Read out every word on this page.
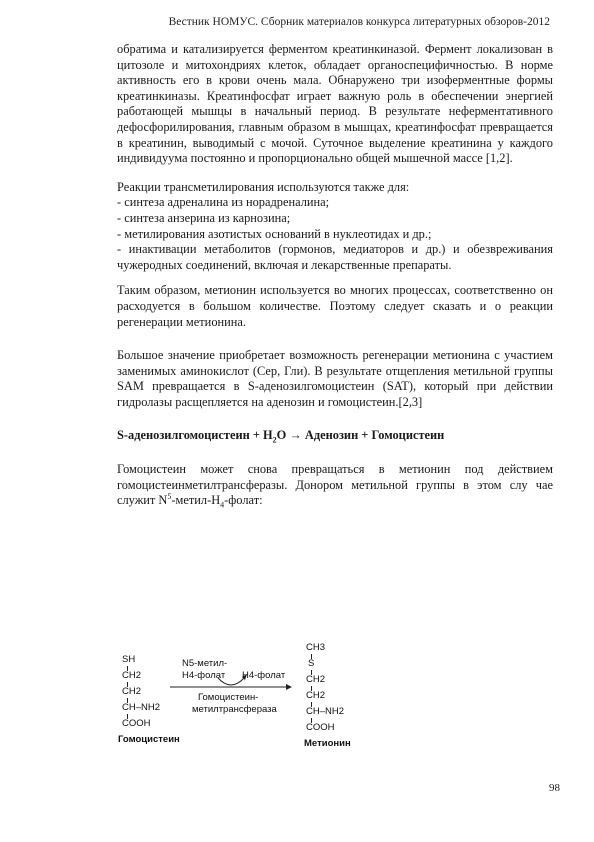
Вестник НОМУС. Сборник материалов конкурса литературных обзоров-2012

обратима и катализируется ферментом креатинкиназой. Фермент локализован в цитозоле и митохондриях клеток, обладает органоспецифичностью. В норме активность его в крови очень мала. Обнаружено три изоферментные формы креатинкиназы. Креатинфосфат играет важную роль в обеспечении энергией работающей мышцы в начальный период. В результате неферментативного дефосфорилирования, главным образом в мышцах, креатинфосфат превращается в креатинин, выводимый с мочой. Суточное выделение креатинина у каждого индивидуума постоянно и пропорционально общей мышечной массе [1,2].

Реакции трансметилирования используются также для:

- синтеза адреналина из норадреналина;

- синтеза анзерина из карнозина;

- метилирования азотистых оснований в нуклеотидах и др.;

- инактивации метаболитов (гормонов, медиаторов и др.) и обезвреживания чужеродных соединений, включая и лекарственные препараты.

Таким образом, метионин используется во многих процессах, соответственно он расходуется в большом количестве. Поэтому следует сказать и о реакции регенерации метионина.

Большое значение приобретает возможность регенерации метионина с участием заменимых аминокислот (Сер, Гли). В результате отщепления метильной группы SAM превращается в S-аденозилгомоцистеин (SAT), который при действии гидролазы расщепляется на аденозин и гомоцистеин.[2,3]

S-аденозилгомоцистеин + $H_2O$ → Аденозин + Гомоцистеин

Гомоцистеин может снова превращаться в метионин под действием гомоцистеинметилтрансферазы. Донором метильной группы в этом слу чае служит $N^5-метил-H_4$-фолат:

SH
CH2
CH2
CH–NH2
COOH
Гомоцистеин
N5-метил-
H4-фолат H4-фолат
Гомоцистеин-
метилтрансфераза
CH3
S
CH2
CH2
CH–NH2
COOH
Метионин
98
